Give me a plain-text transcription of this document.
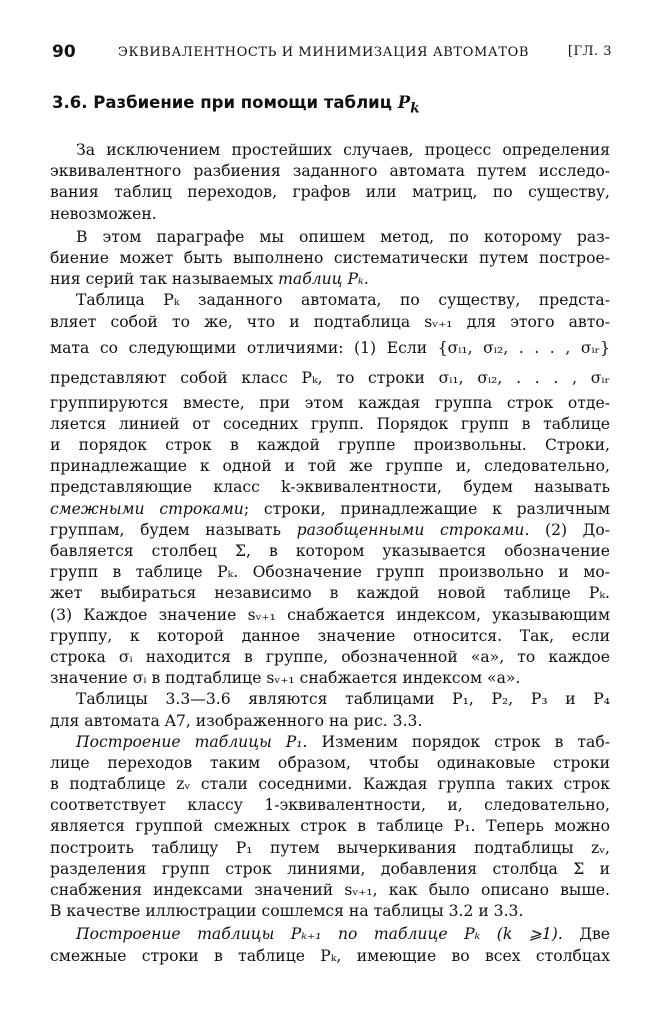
90	ЭКВИВАЛЕНТНОСТЬ И МИНИМИЗАЦИЯ АВТОМАТОВ	[ГЛ. 3
3.6. Разбиение при помощи таблиц $P_k$
За исключением простейших случаев, процесс определения
эквивалентного разбиения заданного автомата путем исследо-
вания таблиц переходов, графов или матриц, по существу,
невозможен.
В этом параграфе мы опишем метод, по которому раз-
биение может быть выполнено систематически путем построе-
ния серий так называемых таблиц Pₖ.
Таблица Pₖ заданного автомата, по существу, предста-
вляет собой то же, что и подтаблица sᵥ₊₁ для этого авто-
мата со следующими отличиями: (1) Если {σᵢ₁, σᵢ₂, . . . , σᵢᵣ}
представляют собой класс Pₖ, то строки σᵢ₁, σᵢ₂, . . . , σᵢᵣ
группируются вместе, при этом каждая группа строк отде-
ляется линией от соседних групп. Порядок групп в таблице
и порядок строк в каждой группе произвольны. Строки,
принадлежащие к одной и той же группе и, следовательно,
представляющие класс k-эквивалентности, будем называть
смежными строками; строки, принадлежащие к различным
группам, будем называть разобщенными строками. (2) До-
бавляется столбец Σ, в котором указывается обозначение
групп в таблице Pₖ. Обозначение групп произвольно и мо-
жет выбираться независимо в каждой новой таблице Pₖ.
(3) Каждое значение sᵥ₊₁ снабжается индексом, указывающим
группу, к которой данное значение относится. Так, если
строка σᵢ находится в группе, обозначенной «a», то каждое
значение σᵢ в подтаблице sᵥ₊₁ снабжается индексом «a».
Таблицы 3.3—3.6 являются таблицами P₁, P₂, P₃ и P₄
для автомата A7, изображенного на рис. 3.3.
Построение таблицы P₁. Изменим порядок строк в таб-
лице переходов таким образом, чтобы одинаковые строки
в подтаблице zᵥ стали соседними. Каждая группа таких строк
соответствует классу 1-эквивалентности, и, следовательно,
является группой смежных строк в таблице P₁. Теперь можно
построить таблицу P₁ путем вычеркивания подтаблицы zᵥ,
разделения групп строк линиями, добавления столбца Σ и
снабжения индексами значений sᵥ₊₁, как было описано выше.
В качестве иллюстрации сошлемся на таблицы 3.2 и 3.3.
Построение таблицы Pₖ₊₁ по таблице Pₖ (k ⩾1). Две
смежные строки в таблице Pₖ, имеющие во всех столбцах
